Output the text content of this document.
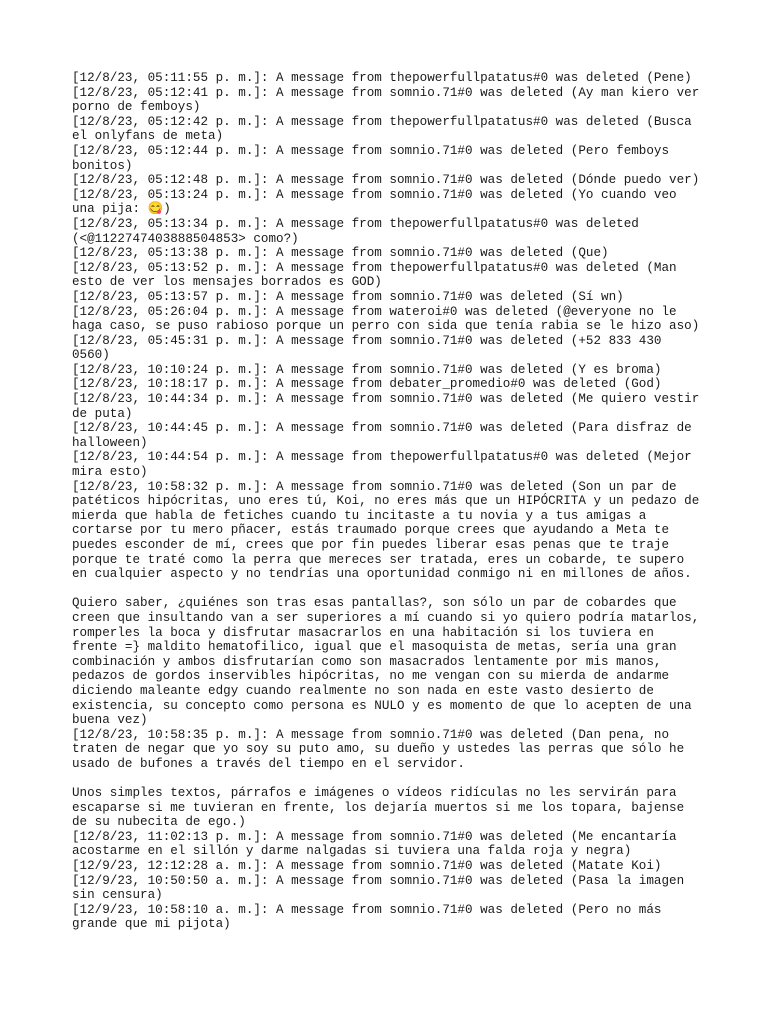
[12/8/23, 05:11:55 p. m.]: A message from thepowerfullpatatus#0 was deleted (Pene)

[12/8/23, 05:12:41 p. m.]: A message from somnio.71#0 was deleted (Ay man kiero ver

porno de femboys)

[12/8/23, 05:12:42 p. m.]: A message from thepowerfullpatatus#0 was deleted (Busca

el onlyfans de meta)

[12/8/23, 05:12:44 p. m.]: A message from somnio.71#0 was deleted (Pero femboys

bonitos)

[12/8/23, 05:12:48 p. m.]: A message from somnio.71#0 was deleted (Dónde puedo ver)

[12/8/23, 05:13:24 p. m.]: A message from somnio.71#0 was deleted (Yo cuando veo

una pija: 😋)

[12/8/23, 05:13:34 p. m.]: A message from thepowerfullpatatus#0 was deleted

(<@1122747403888504853> como?)

[12/8/23, 05:13:38 p. m.]: A message from somnio.71#0 was deleted (Que)

[12/8/23, 05:13:52 p. m.]: A message from thepowerfullpatatus#0 was deleted (Man

esto de ver los mensajes borrados es GOD)

[12/8/23, 05:13:57 p. m.]: A message from somnio.71#0 was deleted (Sí wn)

[12/8/23, 05:26:04 p. m.]: A message from wateroi#0 was deleted (@everyone no le

haga caso, se puso rabioso porque un perro con sida que tenía rabia se le hizo aso)

[12/8/23, 05:45:31 p. m.]: A message from somnio.71#0 was deleted (+52 833 430

0560)

[12/8/23, 10:10:24 p. m.]: A message from somnio.71#0 was deleted (Y es broma)

[12/8/23, 10:18:17 p. m.]: A message from debater_promedio#0 was deleted (God)

[12/8/23, 10:44:34 p. m.]: A message from somnio.71#0 was deleted (Me quiero vestir

de puta)

[12/8/23, 10:44:45 p. m.]: A message from somnio.71#0 was deleted (Para disfraz de

halloween)

[12/8/23, 10:44:54 p. m.]: A message from thepowerfullpatatus#0 was deleted (Mejor

mira esto)

[12/8/23, 10:58:32 p. m.]: A message from somnio.71#0 was deleted (Son un par de

patéticos hipócritas, uno eres tú, Koi, no eres más que un HIPÓCRITA y un pedazo de

mierda que habla de fetiches cuando tu incitaste a tu novia y a tus amigas a

cortarse por tu mero pñacer, estás traumado porque crees que ayudando a Meta te

puedes esconder de mí, crees que por fin puedes liberar esas penas que te traje

porque te traté como la perra que mereces ser tratada, eres un cobarde, te supero

en cualquier aspecto y no tendrías una oportunidad conmigo ni en millones de años.

Quiero saber, ¿quiénes son tras esas pantallas?, son sólo un par de cobardes que

creen que insultando van a ser superiores a mí cuando si yo quiero podría matarlos,

romperles la boca y disfrutar masacrarlos en una habitación si los tuviera en

frente =} maldito hematofilico, igual que el masoquista de metas, sería una gran

combinación y ambos disfrutarían como son masacrados lentamente por mis manos,

pedazos de gordos inservibles hipócritas, no me vengan con su mierda de andarme

diciendo maleante edgy cuando realmente no son nada en este vasto desierto de

existencia, su concepto como persona es NULO y es momento de que lo acepten de una

buena vez)

[12/8/23, 10:58:35 p. m.]: A message from somnio.71#0 was deleted (Dan pena, no

traten de negar que yo soy su puto amo, su dueño y ustedes las perras que sólo he

usado de bufones a través del tiempo en el servidor.

Unos simples textos, párrafos e imágenes o vídeos ridículas no les servirán para

escaparse si me tuvieran en frente, los dejaría muertos si me los topara, bajense

de su nubecita de ego.)

[12/8/23, 11:02:13 p. m.]: A message from somnio.71#0 was deleted (Me encantaría

acostarme en el sillón y darme nalgadas si tuviera una falda roja y negra)

[12/9/23, 12:12:28 a. m.]: A message from somnio.71#0 was deleted (Matate Koi)

[12/9/23, 10:50:50 a. m.]: A message from somnio.71#0 was deleted (Pasa la imagen

sin censura)

[12/9/23, 10:58:10 a. m.]: A message from somnio.71#0 was deleted (Pero no más

grande que mi pijota)
